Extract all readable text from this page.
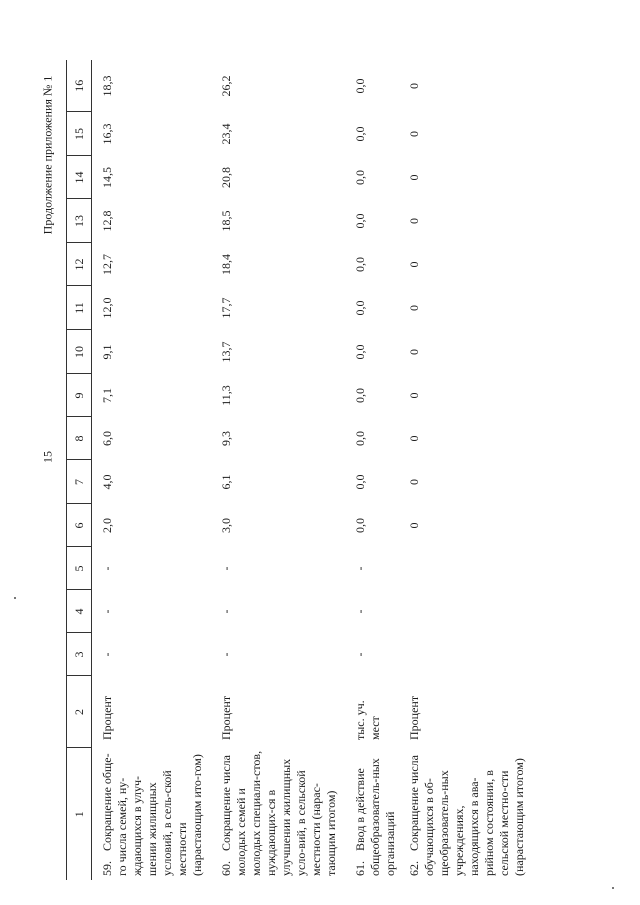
15
Продолжение приложения № 1
1	2	3	4	5	6	7	8	9	10	11	12	13	14	15	16
59. Сокращение обще-го числа семей, ну-ждающихся в улуч-шении жилищных условий, в сель-ской местности (нарастающим ито-гом)	Процент	-	-	-	2,0	4,0	6,0	7,1	9,1	12,0	12,7	12,8	14,5	16,3	18,3
60. Сокращение числа молодых семей и молодых специали-стов, нуждающих-ся в улучшении жилищных усло-вий, в сельской местности (нарас-тающим итогом)	Процент	-	-	-	3,0	6,1	9,3	11,3	13,7	17,7	18,4	18,5	20,8	23,4	26,2
61. Ввод в действие общеобразователь-ных организаций	тыс. уч. мест	-	-	-	0,0	0,0	0,0	0,0	0,0	0,0	0,0	0,0	0,0	0,0	0,0
62. Сокращение числа обучающихся в об-щеобразователь-ных учреждениях, находящихся в ава-рийном состоянии, в сельской местно-сти (нарастающим итогом)	Процент				0	0	0	0	0	0	0	0	0	0	0
